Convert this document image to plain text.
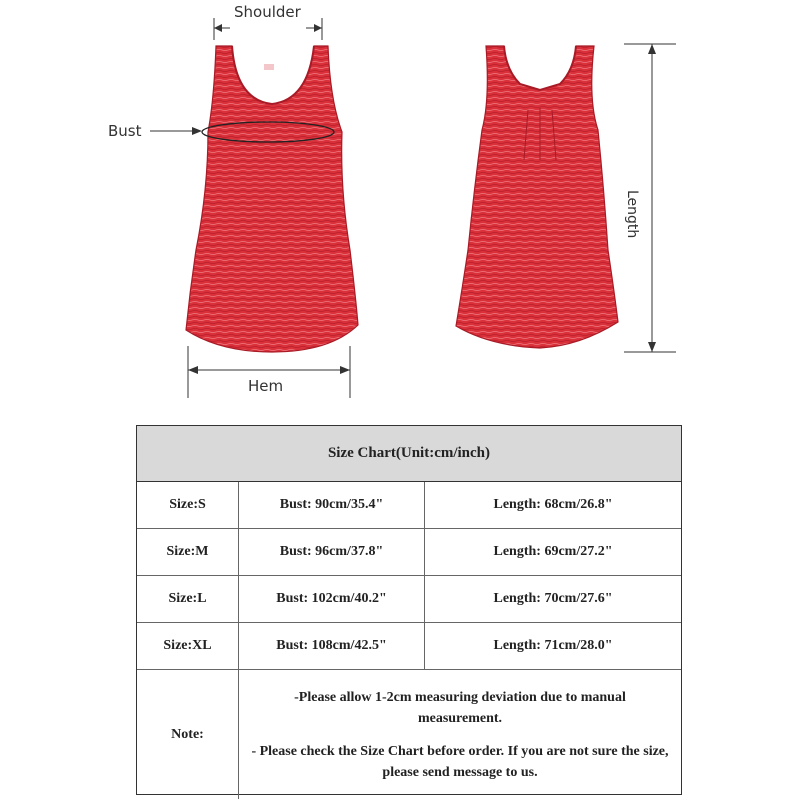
Shoulder
Bust
Hem
Length
Size Chart(Unit:cm/inch)
Size:S	Bust: 90cm/35.4"	Length: 68cm/26.8"
Size:M	Bust: 96cm/37.8"	Length: 69cm/27.2"
Size:L	Bust: 102cm/40.2"	Length: 70cm/27.6"
Size:XL	Bust: 108cm/42.5"	Length: 71cm/28.0"
Note:

-Please allow 1-2cm measuring deviation due to manual measurement.

- Please check the Size Chart before order. If you are not sure the size, please send message to us.
